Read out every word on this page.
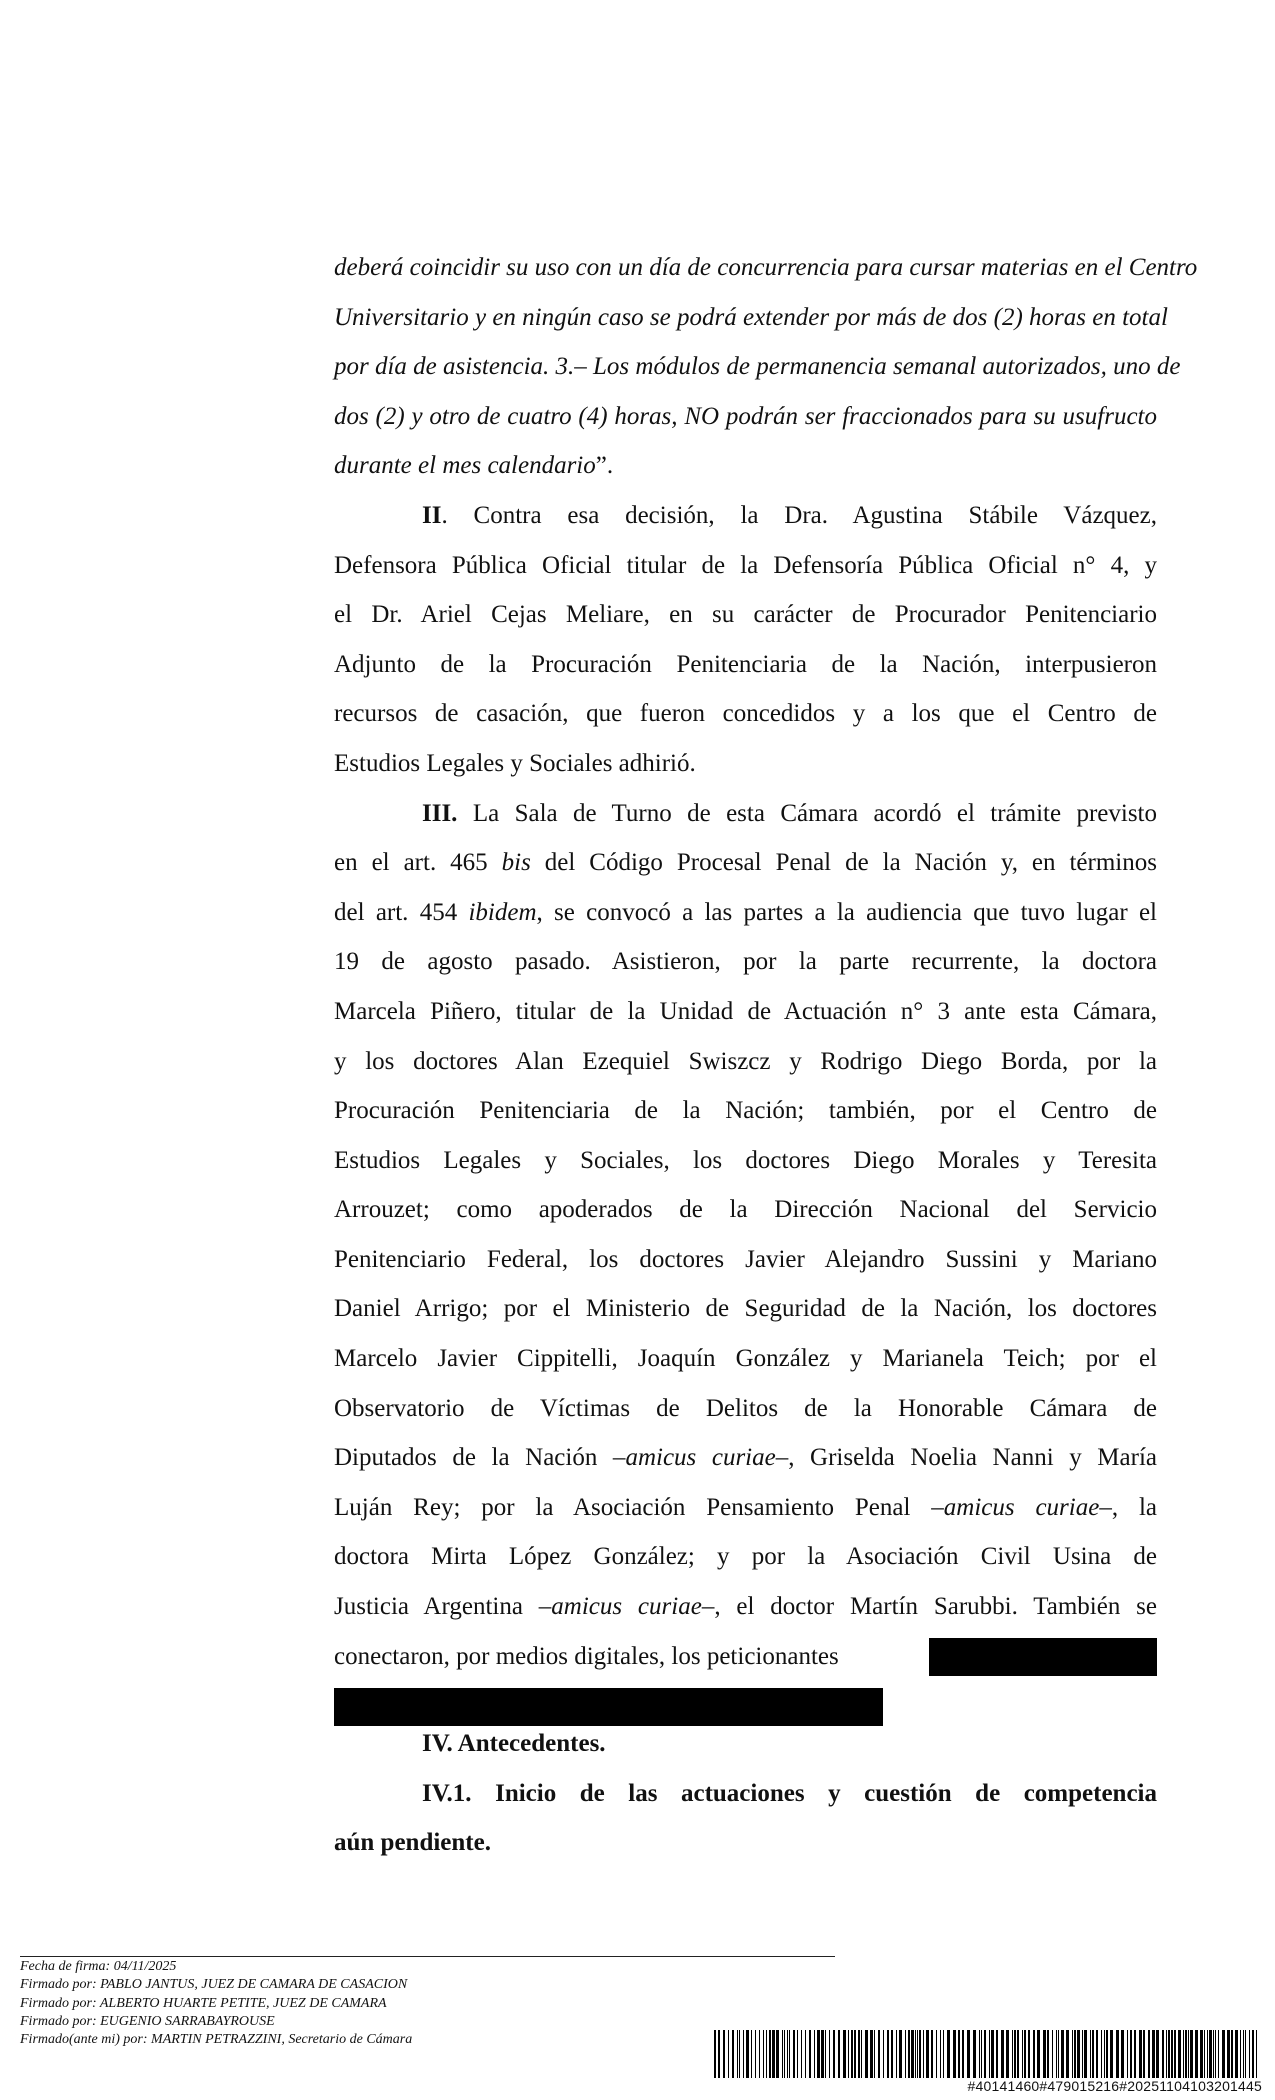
deberá coincidir su uso con un día de concurrencia para cursar materias en el Centro
Universitario y en ningún caso se podrá extender por más de dos (2) horas en total
por día de asistencia. 3.– Los módulos de permanencia semanal autorizados, uno de
dos (2) y otro de cuatro (4) horas, NO podrán ser fraccionados para su usufructo
durante el mes calendario”.
II. Contra esa decisión, la Dra. Agustina Stábile Vázquez,
Defensora Pública Oficial titular de la Defensoría Pública Oficial n° 4, y
el Dr. Ariel Cejas Meliare, en su carácter de Procurador Penitenciario
Adjunto de la Procuración Penitenciaria de la Nación, interpusieron
recursos de casación, que fueron concedidos y a los que el Centro de
Estudios Legales y Sociales adhirió.
III. La Sala de Turno de esta Cámara acordó el trámite previsto
en el art. 465 bis del Código Procesal Penal de la Nación y, en términos
del art. 454 ibidem, se convocó a las partes a la audiencia que tuvo lugar el
19 de agosto pasado. Asistieron, por la parte recurrente, la doctora
Marcela Piñero, titular de la Unidad de Actuación n° 3 ante esta Cámara,
y los doctores Alan Ezequiel Swiszcz y Rodrigo Diego Borda, por la
Procuración Penitenciaria de la Nación; también, por el Centro de
Estudios Legales y Sociales, los doctores Diego Morales y Teresita
Arrouzet; como apoderados de la Dirección Nacional del Servicio
Penitenciario Federal, los doctores Javier Alejandro Sussini y Mariano
Daniel Arrigo; por el Ministerio de Seguridad de la Nación, los doctores
Marcelo Javier Cippitelli, Joaquín González y Marianela Teich; por el
Observatorio de Víctimas de Delitos de la Honorable Cámara de
Diputados de la Nación –amicus curiae–, Griselda Noelia Nanni y María
Luján Rey; por la Asociación Pensamiento Penal –amicus curiae–, la
doctora Mirta López González; y por la Asociación Civil Usina de
Justicia Argentina –amicus curiae–, el doctor Martín Sarubbi. También se
conectaron, por medios digitales, los peticionantes
IV. Antecedentes.
IV.1. Inicio de las actuaciones y cuestión de competencia
aún pendiente.
Fecha de firma: 04/11/2025
Firmado por: PABLO JANTUS, JUEZ DE CAMARA DE CASACION
Firmado por: ALBERTO HUARTE PETITE, JUEZ DE CAMARA
Firmado por: EUGENIO SARRABAYROUSE
Firmado(ante mi) por: MARTIN PETRAZZINI, Secretario de Cámara
#40141460#479015216#20251104103201445
